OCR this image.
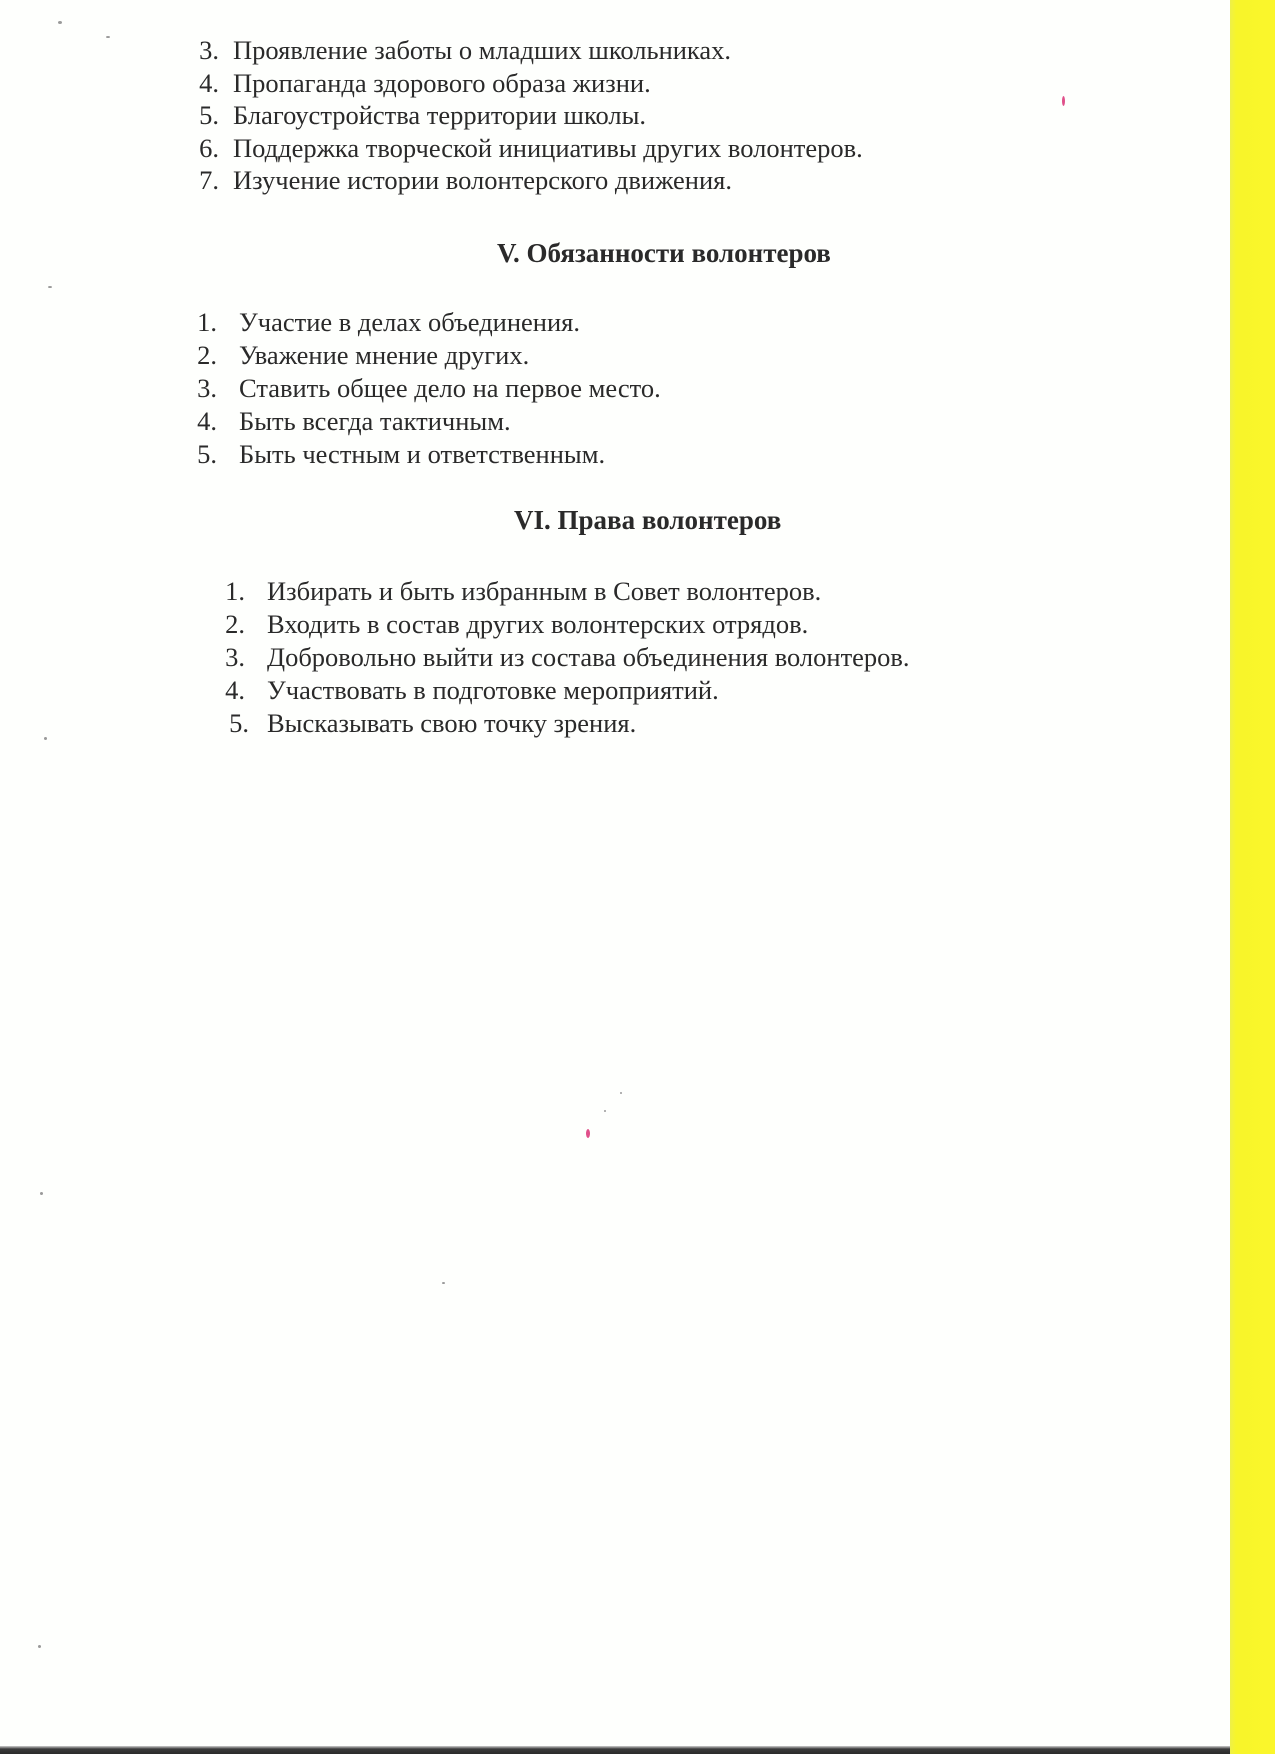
3. Проявление заботы о младших школьниках.
4. Пропаганда здорового образа жизни.
5. Благоустройства территории школы.
6. Поддержка творческой инициативы других волонтеров.
7. Изучение истории волонтерского движения.
V. Обязанности волонтеров
1. Участие в делах объединения.
2. Уважение мнение других.
3. Ставить общее дело на первое место.
4. Быть всегда тактичным.
5. Быть честным и ответственным.
VI. Права волонтеров
1. Избирать и быть избранным в Совет волонтеров.
2. Входить в состав других волонтерских отрядов.
3. Добровольно выйти из состава объединения волонтеров.
4. Участвовать в подготовке мероприятий.
5. Высказывать свою точку зрения.
